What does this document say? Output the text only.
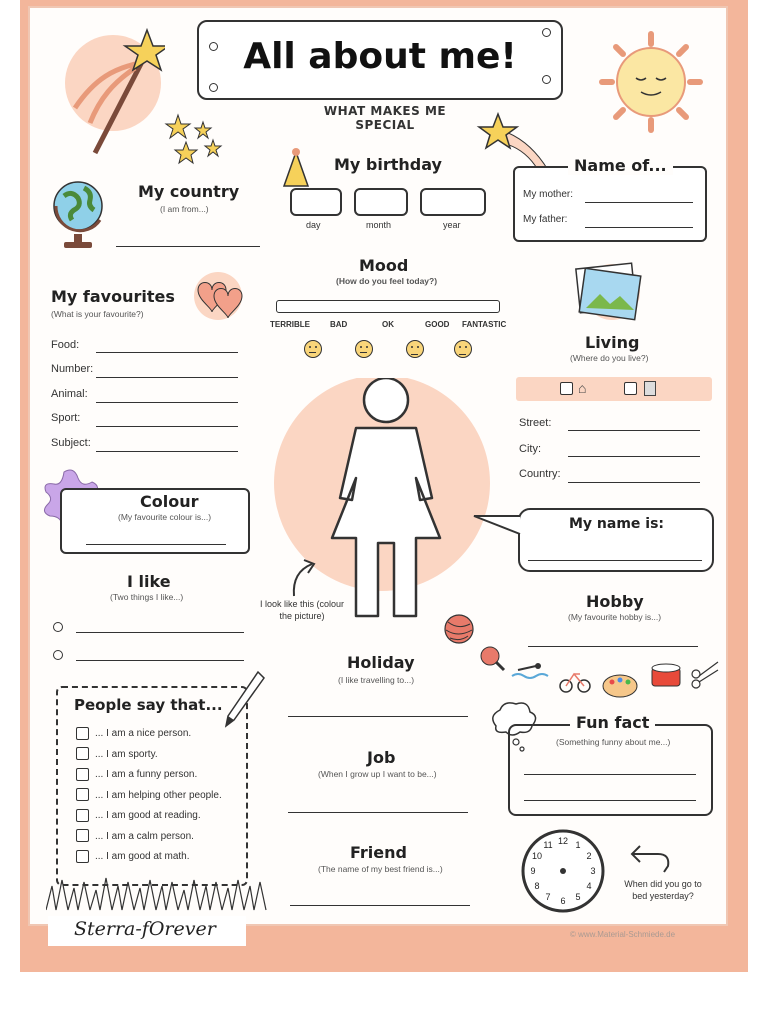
All about me!
WHAT MAKES ME SPECIAL
My birthday
day	month	year
Name of...
My mother:
My father:
My country
(I am from...)
Mood
(How do you feel today?)
TERRIBLE	BAD	OK	GOOD FANTASTIC
My favourites
(What is your favourite?)
Food:
Number:
Animal:
Sport:
Subject:
Living
(Where do you live?)
⌂
Street:
City:
Country:
I look like this (colour the picture)
Colour
(My favourite colour is...)	My name is:
I like
(Two things I like...)	Hobby
(My favourite hobby is...)
Holiday
(I like travelling to...)
People say that...
... I am a nice person.
... I am sporty.
... I am a funny person.
... I am helping other people.
... I am good at reading.
... I am a calm person.
... I am good at math.
Fun fact
(Something funny about me...)
Job
(When I grow up I want to be...)
Friend
(The name of my best friend is...)
12 1
2
3
4
5
6
7
8
9
10
11
When did you go to bed yesterday?
Sterra-fOrever	© www.Material-Schmiede.de
